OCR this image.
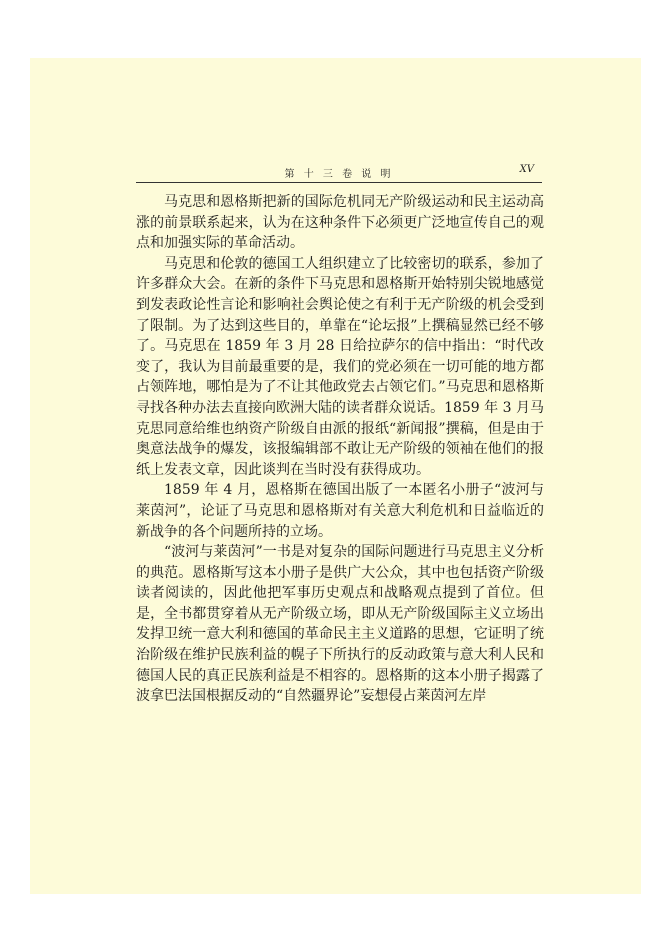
第 十 三 卷 说 明	XV

马克思和恩格斯把新的国际危机同无产阶级运动和民主运动高涨的前景联系起来，认为在这种条件下必须更广泛地宣传自己的观点和加强实际的革命活动。

马克思和伦敦的德国工人组织建立了比较密切的联系，参加了许多群众大会。在新的条件下马克思和恩格斯开始特别尖锐地感觉到发表政论性言论和影响社会舆论使之有利于无产阶级的机会受到了限制。为了达到这些目的，单靠在“论坛报”上撰稿显然已经不够了。马克思在 1859 年 3 月 28 日给拉萨尔的信中指出：“时代改变了，我认为目前最重要的是，我们的党必须在一切可能的地方都占领阵地，哪怕是为了不让其他政党去占领它们。”马克思和恩格斯寻找各种办法去直接向欧洲大陆的读者群众说话。1859 年 3 月马克思同意给维也纳资产阶级自由派的报纸“新闻报”撰稿，但是由于奥意法战争的爆发，该报编辑部不敢让无产阶级的领袖在他们的报纸上发表文章，因此谈判在当时没有获得成功。

1859 年 4 月，恩格斯在德国出版了一本匿名小册子“波河与莱茵河”，论证了马克思和恩格斯对有关意大利危机和日益临近的新战争的各个问题所持的立场。

“波河与莱茵河”一书是对复杂的国际问题进行马克思主义分析的典范。恩格斯写这本小册子是供广大公众，其中也包括资产阶级读者阅读的，因此他把军事历史观点和战略观点提到了首位。但是，全书都贯穿着从无产阶级立场，即从无产阶级国际主义立场出发捍卫统一意大利和德国的革命民主主义道路的思想，它证明了统治阶级在维护民族利益的幌子下所执行的反动政策与意大利人民和德国人民的真正民族利益是不相容的。恩格斯的这本小册子揭露了波拿巴法国根据反动的“自然疆界论”妄想侵占莱茵河左岸
